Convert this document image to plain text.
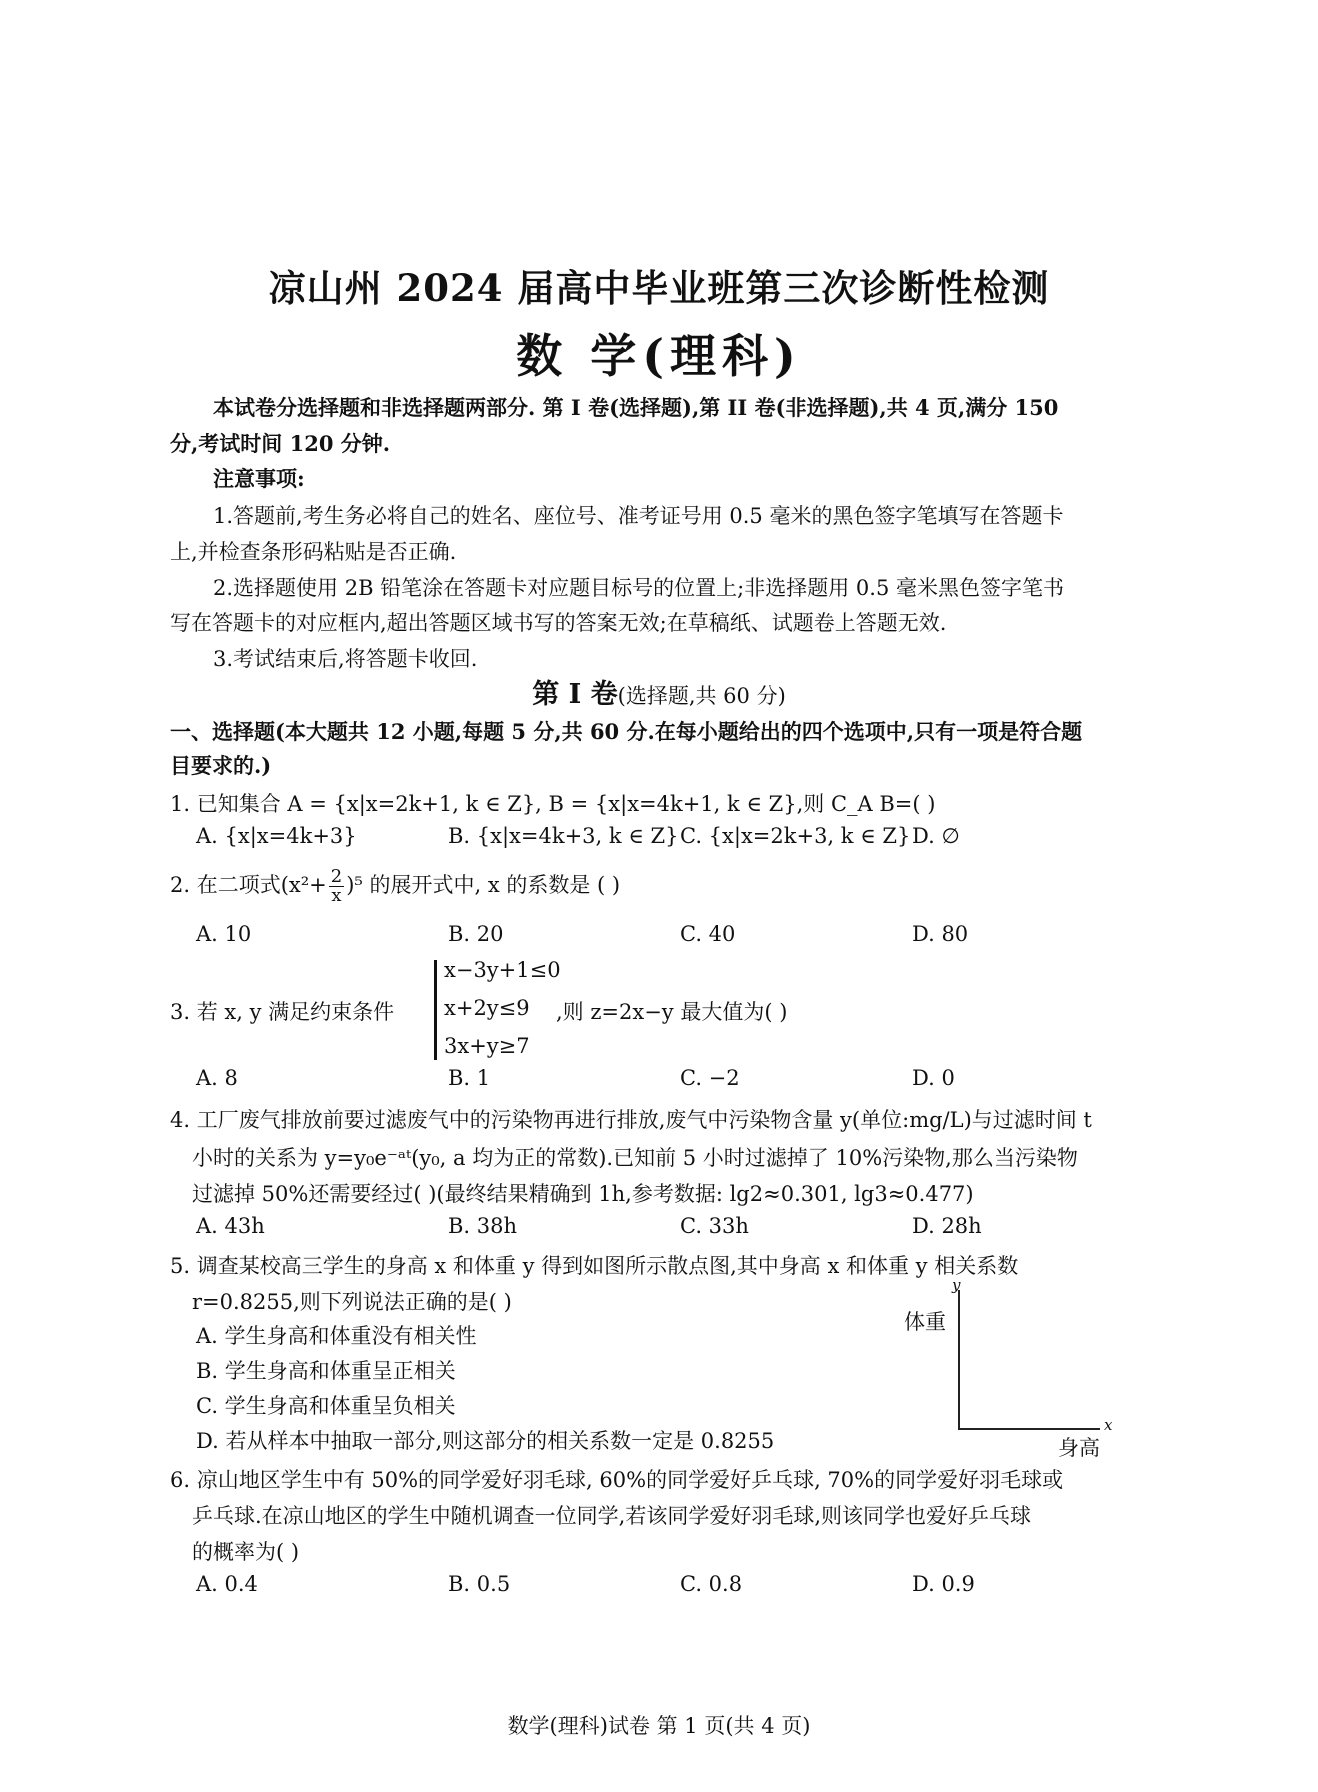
凉山州 2024 届高中毕业班第三次诊断性检测
数 学(理科)
本试卷分选择题和非选择题两部分. 第 I 卷(选择题),第 II 卷(非选择题),共 4 页,满分 150
分,考试时间 120 分钟.
注意事项:
1.答题前,考生务必将自己的姓名、座位号、准考证号用 0.5 毫米的黑色签字笔填写在答题卡
上,并检查条形码粘贴是否正确.
2.选择题使用 2B 铅笔涂在答题卡对应题目标号的位置上;非选择题用 0.5 毫米黑色签字笔书
写在答题卡的对应框内,超出答题区域书写的答案无效;在草稿纸、试题卷上答题无效.
3.考试结束后,将答题卡收回.
第 I 卷(选择题,共 60 分)
一、选择题(本大题共 12 小题,每题 5 分,共 60 分.在每小题给出的四个选项中,只有一项是符合题
目要求的.)
1. 已知集合 A = {x|x=2k+1, k ∈ Z}, B = {x|x=4k+1, k ∈ Z},则 C_A B=( )
A. {x|x=4k+3}	B. {x|x=4k+3, k ∈ Z} C. {x|x=2k+3, k ∈ Z} D. ∅
2. 在二项式$(x^2+ \frac{2}{x} )^5$ 的展开式中, x 的系数是 ( )
A. 10	B. 20	C. 40	D. 80
3. 若 x, y 满足约束条件
x−3y+1≤0
x+2y≤9
3x+y≥7
,则 z=2x−y 最大值为( )
A. 8	B. 1	C. −2	D. 0
4. 工厂废气排放前要过滤废气中的污染物再进行排放,废气中污染物含量 y(单位:mg/L)与过滤时间 t
小时的关系为 y=y₀e⁻ᵃᵗ(y₀, a 均为正的常数).已知前 5 小时过滤掉了 10%污染物,那么当污染物
过滤掉 50%还需要经过( )(最终结果精确到 1h,参考数据: lg2≈0.301, lg3≈0.477)
A. 43h	B. 38h	C. 33h	D. 28h
5. 调查某校高三学生的身高 x 和体重 y 得到如图所示散点图,其中身高 x 和体重 y 相关系数
r=0.8255,则下列说法正确的是( )
A. 学生身高和体重没有相关性
B. 学生身高和体重呈正相关
C. 学生身高和体重呈负相关
D. 若从样本中抽取一部分,则这部分的相关系数一定是 0.8255
y
体重
x
身高
6. 凉山地区学生中有 50%的同学爱好羽毛球, 60%的同学爱好乒乓球, 70%的同学爱好羽毛球或
乒乓球.在凉山地区的学生中随机调查一位同学,若该同学爱好羽毛球,则该同学也爱好乒乓球
的概率为( )
A. 0.4	B. 0.5	C. 0.8	D. 0.9
数学(理科)试卷 第 1 页(共 4 页)
